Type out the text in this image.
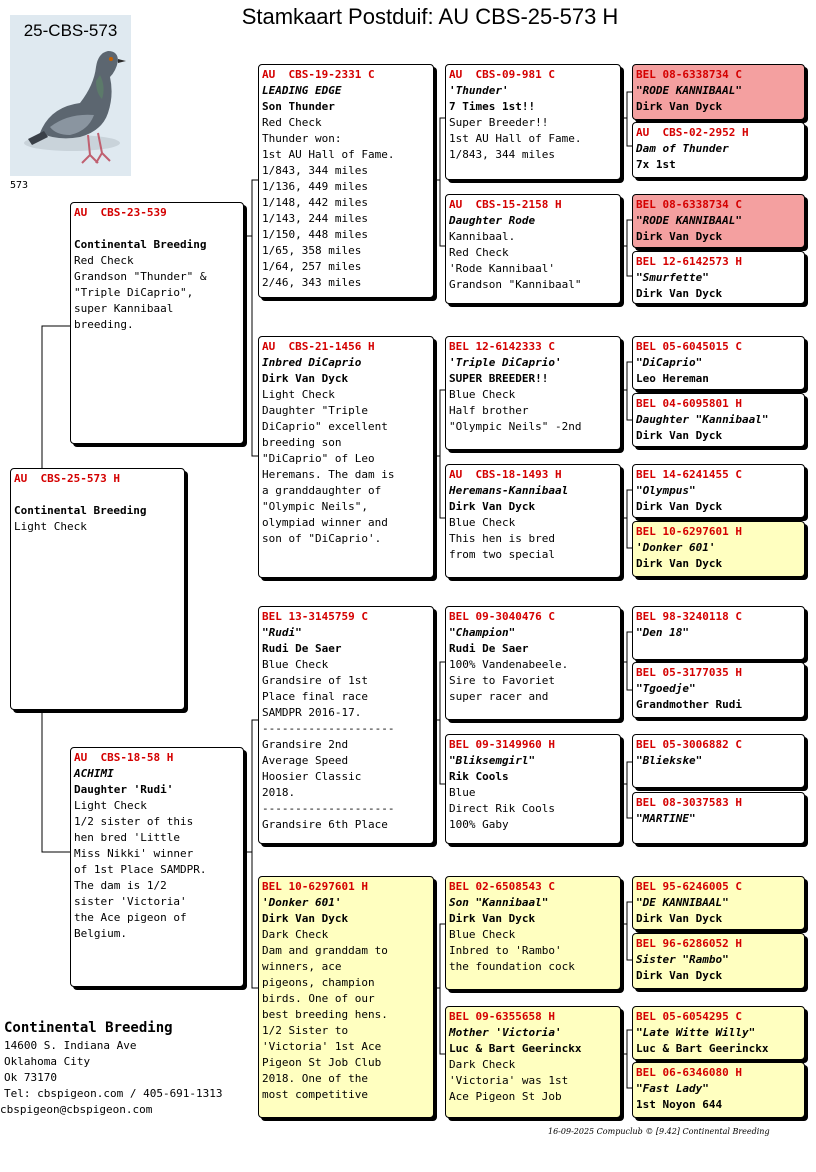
Stamkaart Postduif: AU CBS-25-573 H
25-CBS-573
573
AU  CBS-25-573 H

Continental Breeding
Light Check
AU  CBS-23-539

Continental Breeding
Red Check
Grandson "Thunder" &
"Triple DiCaprio",
super Kannibaal
breeding.
AU  CBS-18-58 H
ACHIMI
Daughter 'Rudi'
Light Check
1/2 sister of this
hen bred 'Little
Miss Nikki' winner
of 1st Place SAMDPR.
The dam is 1/2
sister 'Victoria'
the Ace pigeon of
Belgium.
AU  CBS-19-2331 C
LEADING EDGE
Son Thunder
Red Check
Thunder won:
1st AU Hall of Fame.
1/843, 344 miles
1/136, 449 miles
1/148, 442 miles
1/143, 244 miles
1/150, 448 miles
1/65, 358 miles
1/64, 257 miles
2/46, 343 miles
AU  CBS-21-1456 H
Inbred DiCaprio
Dirk Van Dyck
Light Check
Daughter "Triple
DiCaprio" excellent
breeding son
"DiCaprio" of Leo
Heremans. The dam is
a granddaughter of
"Olympic Neils",
olympiad winner and
son of "DiCaprio'.
BEL 13-3145759 C
"Rudi"
Rudi De Saer
Blue Check
Grandsire of 1st
Place final race
SAMDPR 2016-17.
--------------------
Grandsire 2nd
Average Speed
Hoosier Classic
2018.
--------------------
Grandsire 6th Place
BEL 10-6297601 H
'Donker 601'
Dirk Van Dyck
Dark Check
Dam and granddam to
winners, ace
pigeons, champion
birds. One of our
best breeding hens.
1/2 Sister to
'Victoria' 1st Ace
Pigeon St Job Club
2018. One of the
most competitive
AU  CBS-09-981 C
'Thunder'
7 Times 1st!!
Super Breeder!!
1st AU Hall of Fame.
1/843, 344 miles
AU  CBS-15-2158 H
Daughter Rode
Kannibaal.
Red Check
'Rode Kannibaal'
Grandson "Kannibaal"
BEL 12-6142333 C
'Triple DiCaprio'
SUPER BREEDER!!
Blue Check
Half brother
"Olympic Neils" -2nd
AU  CBS-18-1493 H
Heremans-Kannibaal
Dirk Van Dyck
Blue Check
This hen is bred
from two special
BEL 09-3040476 C
"Champion"
Rudi De Saer
100% Vandenabeele.
Sire to Favoriet
super racer and
BEL 09-3149960 H
"Bliksemgirl"
Rik Cools
Blue
Direct Rik Cools
100% Gaby
BEL 02-6508543 C
Son "Kannibaal"
Dirk Van Dyck
Blue Check
Inbred to 'Rambo'
the foundation cock
BEL 09-6355658 H
Mother 'Victoria'
Luc & Bart Geerinckx
Dark Check
'Victoria' was 1st
Ace Pigeon St Job
BEL 08-6338734 C
"RODE KANNIBAAL"
Dirk Van Dyck
AU  CBS-02-2952 H
Dam of Thunder
7x 1st
BEL 08-6338734 C
"RODE KANNIBAAL"
Dirk Van Dyck
BEL 12-6142573 H
"Smurfette"
Dirk Van Dyck
BEL 05-6045015 C
"DiCaprio"
Leo Hereman
BEL 04-6095801 H
Daughter "Kannibaal"
Dirk Van Dyck
BEL 14-6241455 C
"Olympus"
Dirk Van Dyck
BEL 10-6297601 H
'Donker 601'
Dirk Van Dyck
BEL 98-3240118 C
"Den 18"
BEL 05-3177035 H
"Tgoedje"
Grandmother Rudi
BEL 05-3006882 C
"Bliekske"
BEL 08-3037583 H
"MARTINE"
BEL 95-6246005 C
"DE KANNIBAAL"
Dirk Van Dyck
BEL 96-6286052 H
Sister "Rambo"
Dirk Van Dyck
BEL 05-6054295 C
"Late Witte Willy"
Luc & Bart Geerinckx
BEL 06-6346080 H
"Fast Lady"
1st Noyon 644
Continental Breeding
14600 S. Indiana Ave
Oklahoma City
Ok 73170
Tel: cbspigeon.com / 405-691-1313
cbspigeon@cbspigeon.com
16-09-2025 Compuclub © [9.42] Continental Breeding
